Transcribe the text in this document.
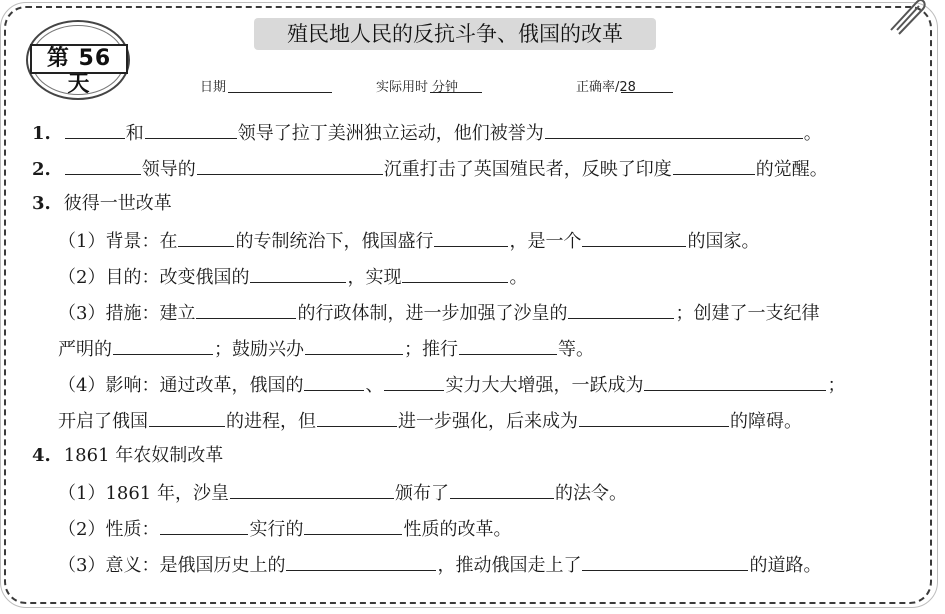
殖民地人民的反抗斗争、俄国的改革
第 56 天	日期	实际用时 分钟	正确率
/28
1.	和	领导了拉丁美洲独立运动，他们被誉为	。
2.	领导的	沉重打击了英国殖民者，反映了印度	的觉醒。
3. 彼得一世改革
（1）背景：在	的专制统治下，俄国盛行	，是一个	的国家。
（2）目的：改变俄国的	，实现	。
（3）措施：建立	的行政体制，进一步加强了沙皇的	；创建了一支纪律
严明的	；鼓励兴办	；推行	等。
（4）影响：通过改革，俄国的	、	实力大大增强，一跃成为	；
开启了俄国	的进程，但	进一步强化，后来成为	的障碍。
4. 1861 年农奴制改革
（1）1861 年，沙皇	颁布了	的法令。
（2）性质：	实行的	性质的改革。
（3）意义：是俄国历史上的	，推动俄国走上了	的道路。
